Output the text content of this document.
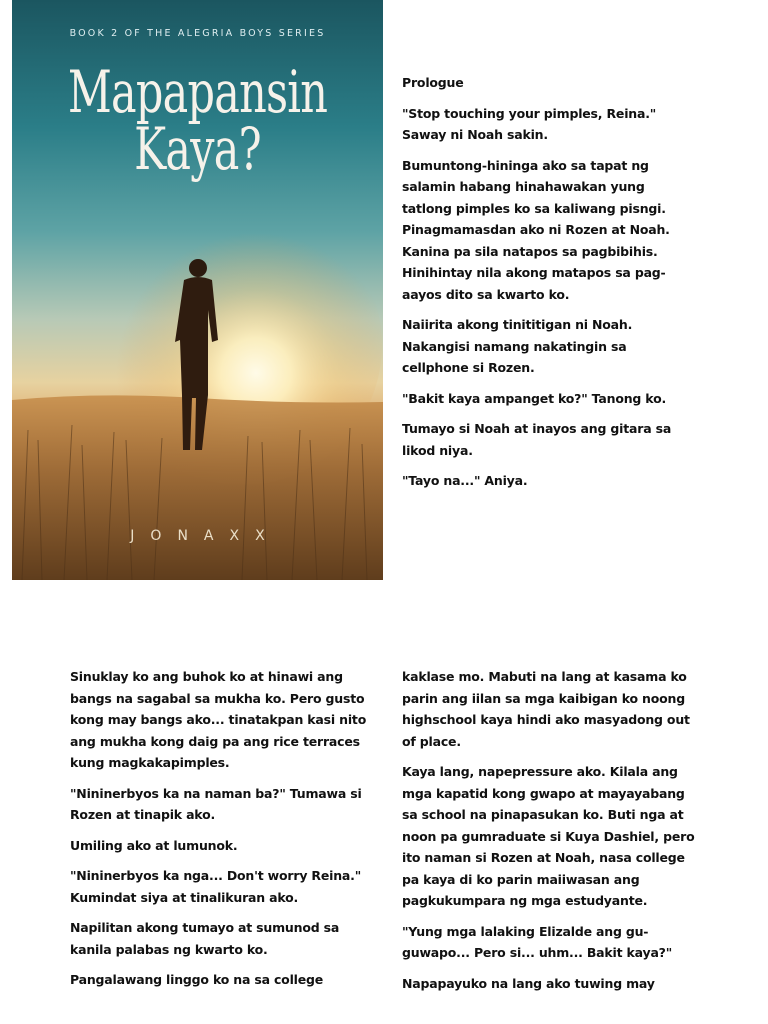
BOOK 2 OF THE ALEGRIA BOYS SERIES
Mapapansin
Kaya?
JONAXX

Prologue

"Stop touching your pimples, Reina." Saway ni Noah sakin.

Bumuntong-hininga ako sa tapat ng salamin habang hinahawakan yung tatlong pimples ko sa kaliwang pisngi. Pinagmamasdan ako ni Rozen at Noah. Kanina pa sila natapos sa pagbibihis. Hinihintay nila akong matapos sa pag-aayos dito sa kwarto ko.

Naiirita akong tinititigan ni Noah. Nakangisi namang nakatingin sa cellphone si Rozen.

"Bakit kaya ampanget ko?" Tanong ko.

Tumayo si Noah at inayos ang gitara sa likod niya.

"Tayo na..." Aniya.

Sinuklay ko ang buhok ko at hinawi ang bangs na sagabal sa mukha ko. Pero gusto kong may bangs ako... tinatakpan kasi nito ang mukha kong daig pa ang rice terraces kung magkakapimples.

"Nininerbyos ka na naman ba?" Tumawa si Rozen at tinapik ako.

Umiling ako at lumunok.

"Nininerbyos ka nga... Don't worry Reina." Kumindat siya at tinalikuran ako.

Napilitan akong tumayo at sumunod sa kanila palabas ng kwarto ko.

Pangalawang linggo ko na sa college

kaklase mo. Mabuti na lang at kasama ko parin ang iilan sa mga kaibigan ko noong highschool kaya hindi ako masyadong out of place.

Kaya lang, napepressure ako. Kilala ang mga kapatid kong gwapo at mayayabang sa school na pinapasukan ko. Buti nga at noon pa gumraduate si Kuya Dashiel, pero ito naman si Rozen at Noah, nasa college pa kaya di ko parin maiiwasan ang pagkukumpara ng mga estudyante.

"Yung mga lalaking Elizalde ang gu-guwapo... Pero si... uhm... Bakit kaya?"

Napapayuko na lang ako tuwing may
